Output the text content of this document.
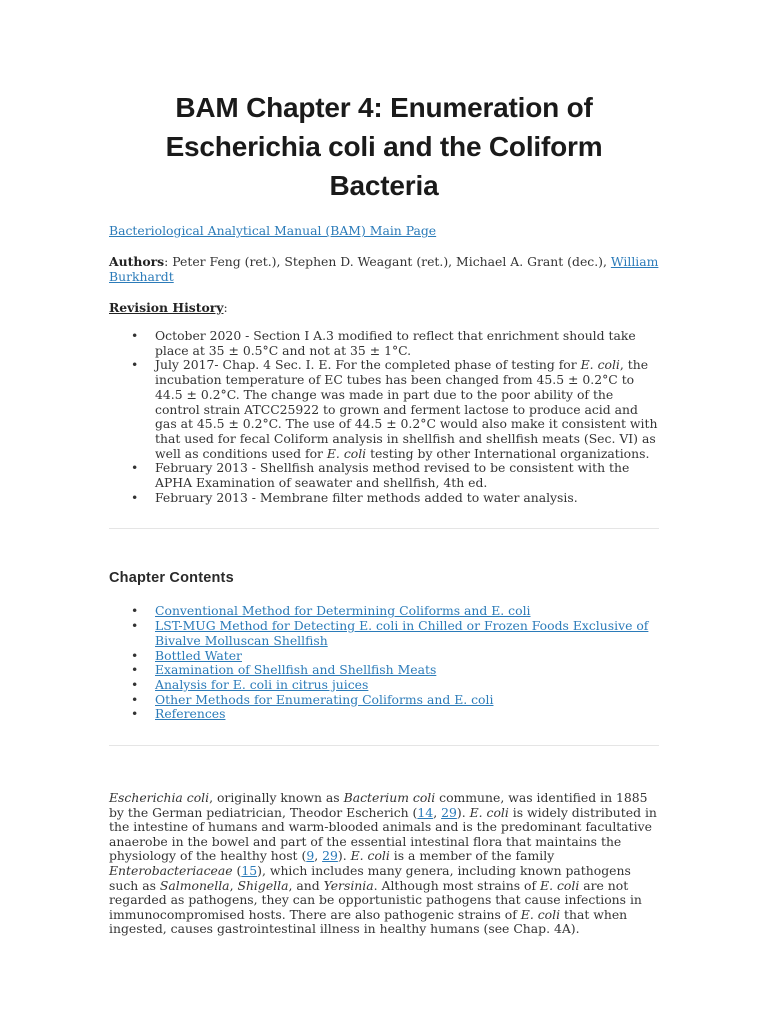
BAM Chapter 4: Enumeration of Escherichia coli and the Coliform Bacteria

Bacteriological Analytical Manual (BAM) Main Page

Authors: Peter Feng (ret.), Stephen D. Weagant (ret.), Michael A. Grant (dec.), William Burkhardt

Revision History:

• October 2020 - Section I A.3 modified to reflect that enrichment should take place at 35 ± 0.5°C and not at 35 ± 1°C.
• July 2017- Chap. 4 Sec. I. E. For the completed phase of testing for E. coli, the incubation temperature of EC tubes has been changed from 45.5 ± 0.2°C to 44.5 ± 0.2°C. The change was made in part due to the poor ability of the control strain ATCC25922 to grown and ferment lactose to produce acid and gas at 45.5 ± 0.2°C. The use of 44.5 ± 0.2°C would also make it consistent with that used for fecal Coliform analysis in shellfish and shellfish meats (Sec. VI) as well as conditions used for E. coli testing by other International organizations.
• February 2013 - Shellfish analysis method revised to be consistent with the APHA Examination of seawater and shellfish, 4th ed.
• February 2013 - Membrane filter methods added to water analysis.
Chapter Contents
• Conventional Method for Determining Coliforms and E. coli
• LST-MUG Method for Detecting E. coli in Chilled or Frozen Foods Exclusive of Bivalve Molluscan Shellfish
• Bottled Water
• Examination of Shellfish and Shellfish Meats
• Analysis for E. coli in citrus juices
• Other Methods for Enumerating Coliforms and E. coli
• References

Escherichia coli, originally known as Bacterium coli commune, was identified in 1885 by the German pediatrician, Theodor Escherich (14, 29). E. coli is widely distributed in the intestine of humans and warm-blooded animals and is the predominant facultative anaerobe in the bowel and part of the essential intestinal flora that maintains the physiology of the healthy host (9, 29). E. coli is a member of the family Enterobacteriaceae (15), which includes many genera, including known pathogens such as Salmonella, Shigella, and Yersinia. Although most strains of E. coli are not regarded as pathogens, they can be opportunistic pathogens that cause infections in immunocompromised hosts. There are also pathogenic strains of E. coli that when ingested, causes gastrointestinal illness in healthy humans (see Chap. 4A).
